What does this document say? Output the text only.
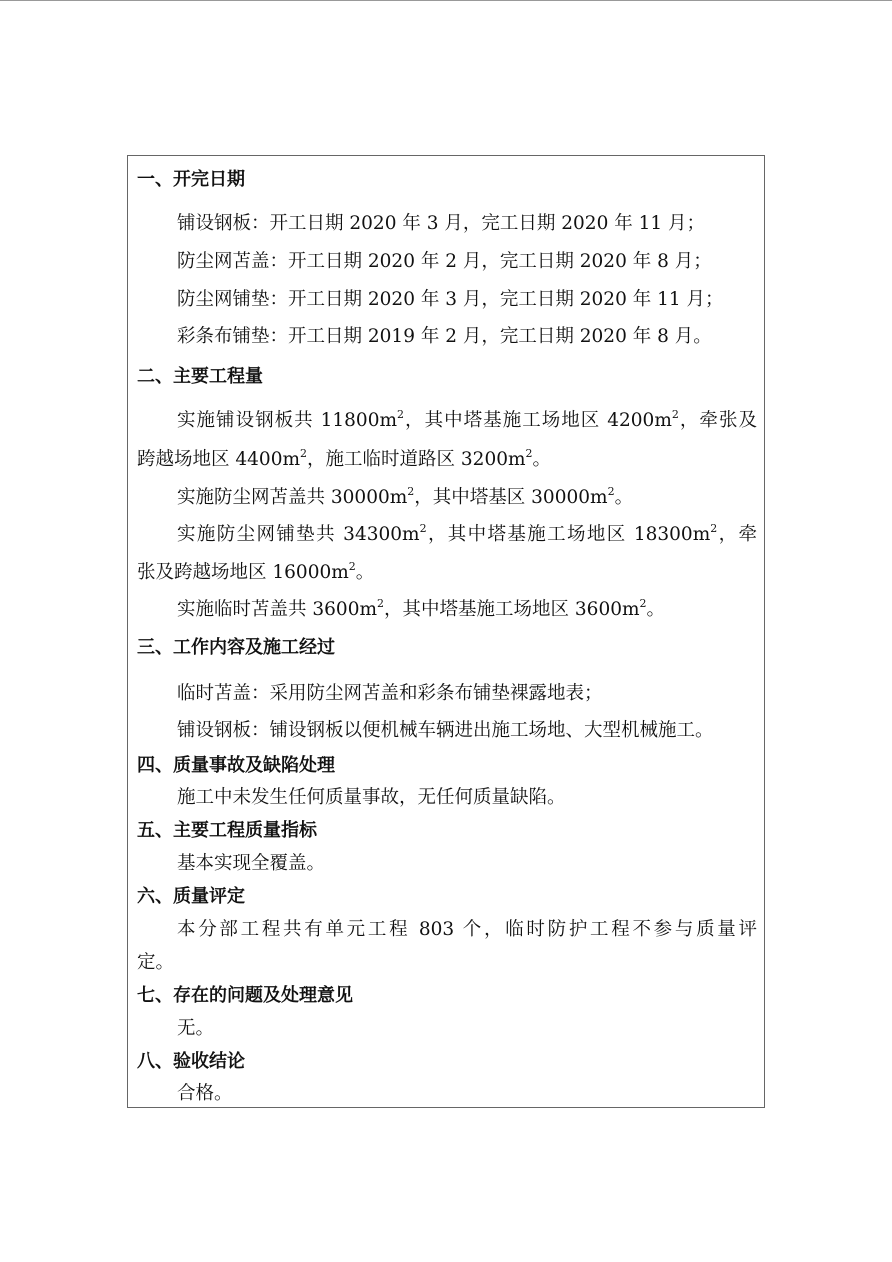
一、开完日期
铺设钢板：开工日期 2020 年 3 月，完工日期 2020 年 11 月；
防尘网苫盖：开工日期 2020 年 2 月，完工日期 2020 年 8 月；
防尘网铺垫：开工日期 2020 年 3 月，完工日期 2020 年 11 月；
彩条布铺垫：开工日期 2019 年 2 月，完工日期 2020 年 8 月。
二、主要工程量
实施铺设钢板共 $11800m^2$，其中塔基施工场地区 $4200m^2$，牵张及
跨越场地区 $4400m^2$，施工临时道路区 $3200m^2$。
实施防尘网苫盖共 $30000m^2$，其中塔基区 $30000m^2$。
实施防尘网铺垫共 $34300m^2$，其中塔基施工场地区 $18300m^2$，牵
张及跨越场地区 $16000m^2$。
实施临时苫盖共 $3600m^2$，其中塔基施工场地区 $3600m^2$。
三、工作内容及施工经过
临时苫盖：采用防尘网苫盖和彩条布铺垫裸露地表；
铺设钢板：铺设钢板以便机械车辆进出施工场地、大型机械施工。
四、质量事故及缺陷处理
施工中未发生任何质量事故，无任何质量缺陷。
五、主要工程质量指标
基本实现全覆盖。
六、质量评定
本分部工程共有单元工程 803 个，临时防护工程不参与质量评
定。
七、存在的问题及处理意见
无。
八、验收结论
合格。
